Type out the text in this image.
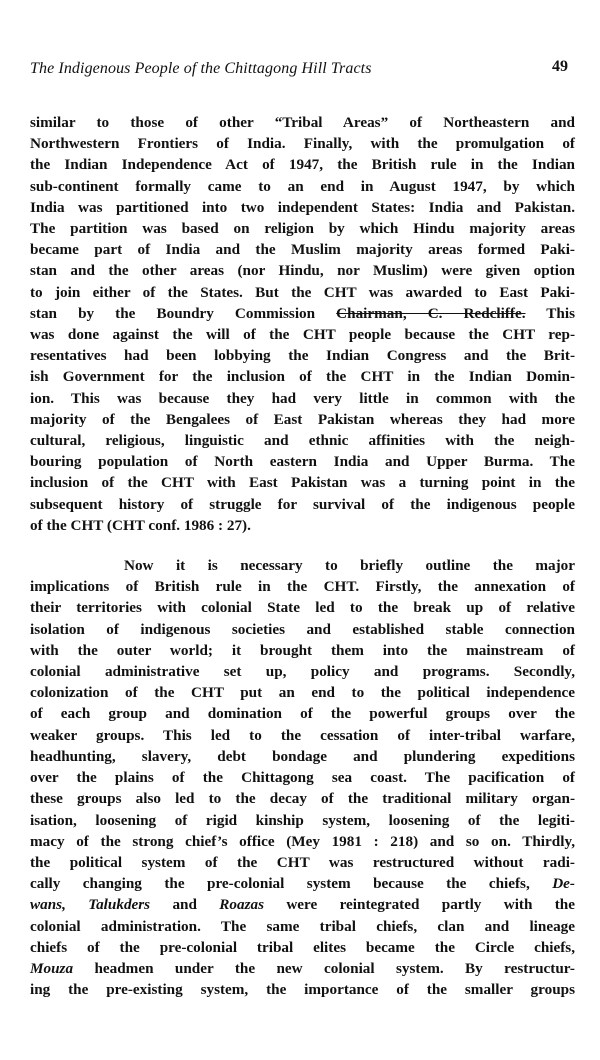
The Indigenous People of the Chittagong Hill Tracts	49
similar to those of other “Tribal Areas” of Northeastern and
Northwestern Frontiers of India. Finally, with the promulgation of
the Indian Independence Act of 1947, the British rule in the Indian
sub-continent formally came to an end in August 1947, by which
India was partitioned into two independent States: India and Pakistan.
The partition was based on religion by which Hindu majority areas
became part of India and the Muslim majority areas formed Paki-
stan and the other areas (nor Hindu, nor Muslim) were given option
to join either of the States. But the CHT was awarded to East Paki-
stan by the Boundry Commission Chairman, C. Redcliffe. This
was done against the will of the CHT people because the CHT rep-
resentatives had been lobbying the Indian Congress and the Brit-
ish Government for the inclusion of the CHT in the Indian Domin-
ion. This was because they had very little in common with the
majority of the Bengalees of East Pakistan whereas they had more
cultural, religious, linguistic and ethnic affinities with the neigh-
bouring population of North eastern India and Upper Burma. The
inclusion of the CHT with East Pakistan was a turning point in the
subsequent history of struggle for survival of the indigenous people
of the CHT (CHT conf. 1986 : 27).
Now it is necessary to briefly outline the major
implications of British rule in the CHT. Firstly, the annexation of
their territories with colonial State led to the break up of relative
isolation of indigenous societies and established stable connection
with the outer world; it brought them into the mainstream of
colonial administrative set up, policy and programs. Secondly,
colonization of the CHT put an end to the political independence
of each group and domination of the powerful groups over the
weaker groups. This led to the cessation of inter-tribal warfare,
headhunting, slavery, debt bondage and plundering expeditions
over the plains of the Chittagong sea coast. The pacification of
these groups also led to the decay of the traditional military organ-
isation, loosening of rigid kinship system, loosening of the legiti-
macy of the strong chief’s office (Mey 1981 : 218) and so on. Thirdly,
the political system of the CHT was restructured without radi-
cally changing the pre-colonial system because the chiefs, De-
wans, Talukders and Roazas were reintegrated partly with the
colonial administration. The same tribal chiefs, clan and lineage
chiefs of the pre-colonial tribal elites became the Circle chiefs,
Mouza headmen under the new colonial system. By restructur-
ing the pre-existing system, the importance of the smaller groups
